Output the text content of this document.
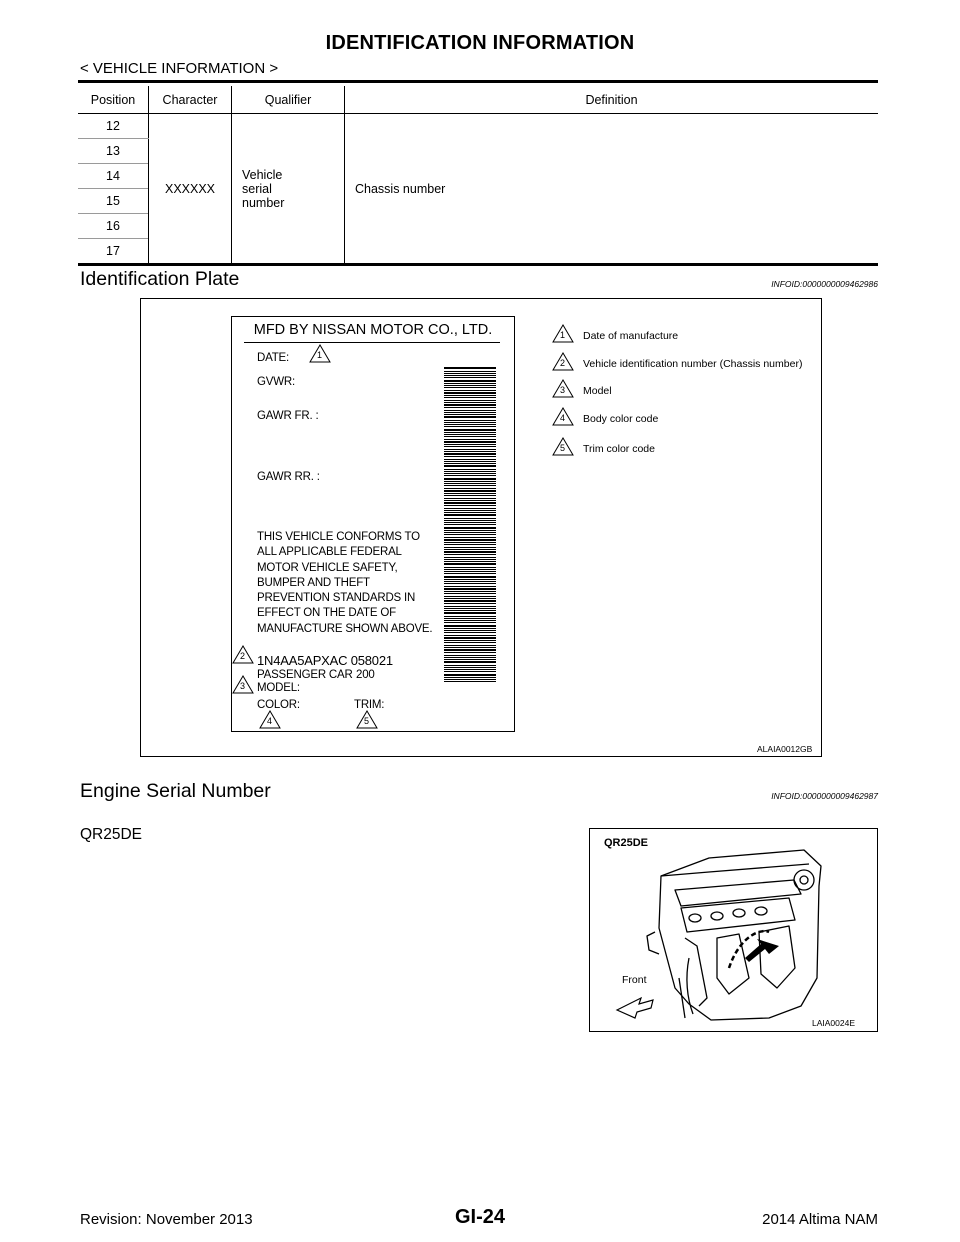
IDENTIFICATION INFORMATION
< VEHICLE INFORMATION >
Position	Character	Qualifier	Definition
12	XXXXXX	Vehicle serial number	Chassis number
13			
14			
15			
16			
17			
Identification Plate	INFOID:0000000009462986
MFD BY NISSAN MOTOR CO., LTD.
DATE:
GVWR:
GAWR FR. :
GAWR RR. :
THIS VEHICLE CONFORMS TO
ALL APPLICABLE FEDERAL
MOTOR VEHICLE SAFETY,
BUMPER AND THEFT
PREVENTION STANDARDS IN
EFFECT ON THE DATE OF
MANUFACTURE SHOWN ABOVE.
1N4AA5APXAC 058021
PASSENGER CAR 200
MODEL:
COLOR:	TRIM:
1
2
3
4	5
1
2
3
4
5
Date of manufacture
Vehicle identification number (Chassis number)
Model
Body color code
Trim color code
ALAIA0012GB
Engine Serial Number	INFOID:0000000009462987
QR25DE	QR25DE
Front
LAIA0024E
Revision: November 2013	GI-24	2014 Altima NAM
